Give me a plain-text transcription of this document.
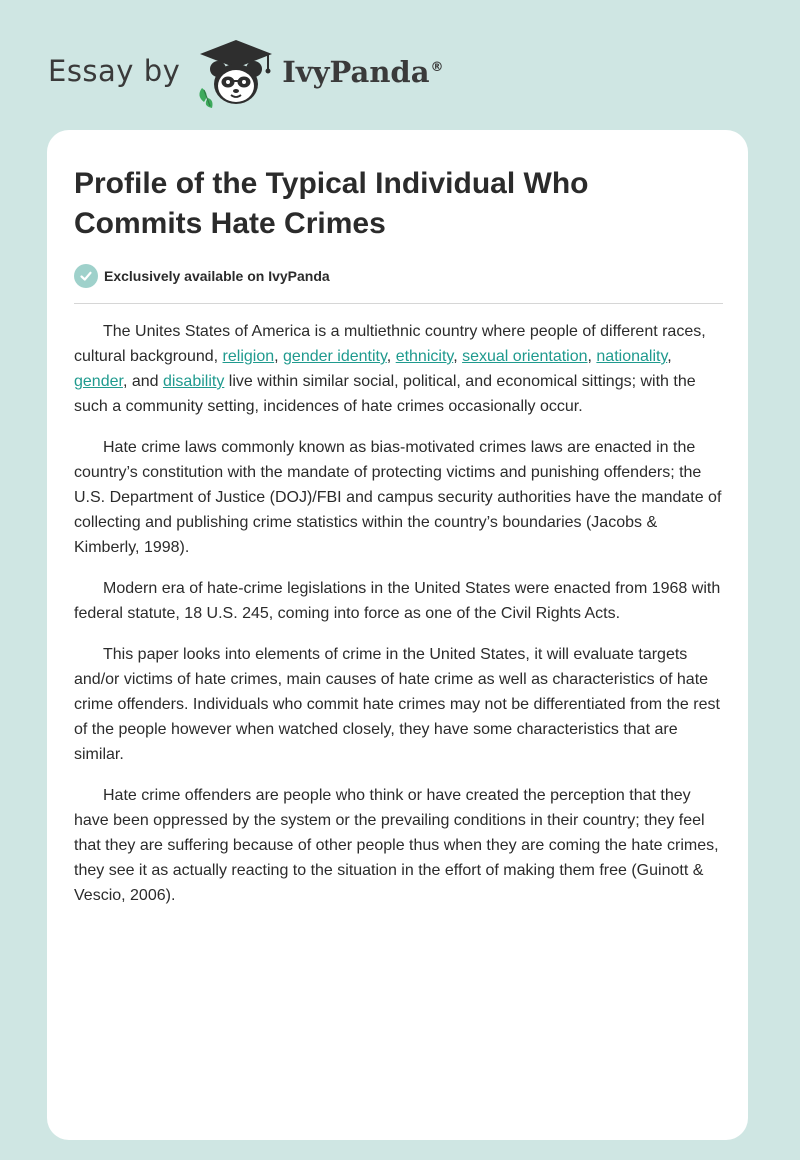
Essay by	IvyPanda®
Profile of the Typical Individual Who Commits Hate Crimes
Exclusively available on IvyPanda

The Unites States of America is a multiethnic country where people of different races, cultural background, religion, gender identity, ethnicity, sexual orientation, nationality, gender, and disability live within similar social, political, and economical sittings; with the such a community setting, incidences of hate crimes occasionally occur.

Hate crime laws commonly known as bias-motivated crimes laws are enacted in the country’s constitution with the mandate of protecting victims and punishing offenders; the U.S. Department of Justice (DOJ)/FBI and campus security authorities have the mandate of collecting and publishing crime statistics within the country’s boundaries (Jacobs & Kimberly, 1998).

Modern era of hate-crime legislations in the United States were enacted from 1968 with federal statute, 18 U.S. 245, coming into force as one of the Civil Rights Acts.

This paper looks into elements of crime in the United States, it will evaluate targets and/or victims of hate crimes, main causes of hate crime as well as characteristics of hate crime offenders. Individuals who commit hate crimes may not be differentiated from the rest of the people however when watched closely, they have some characteristics that are similar.

Hate crime offenders are people who think or have created the perception that they have been oppressed by the system or the prevailing conditions in their country; they feel that they are suffering because of other people thus when they are coming the hate crimes, they see it as actually reacting to the situation in the effort of making them free (Guinott & Vescio, 2006).
